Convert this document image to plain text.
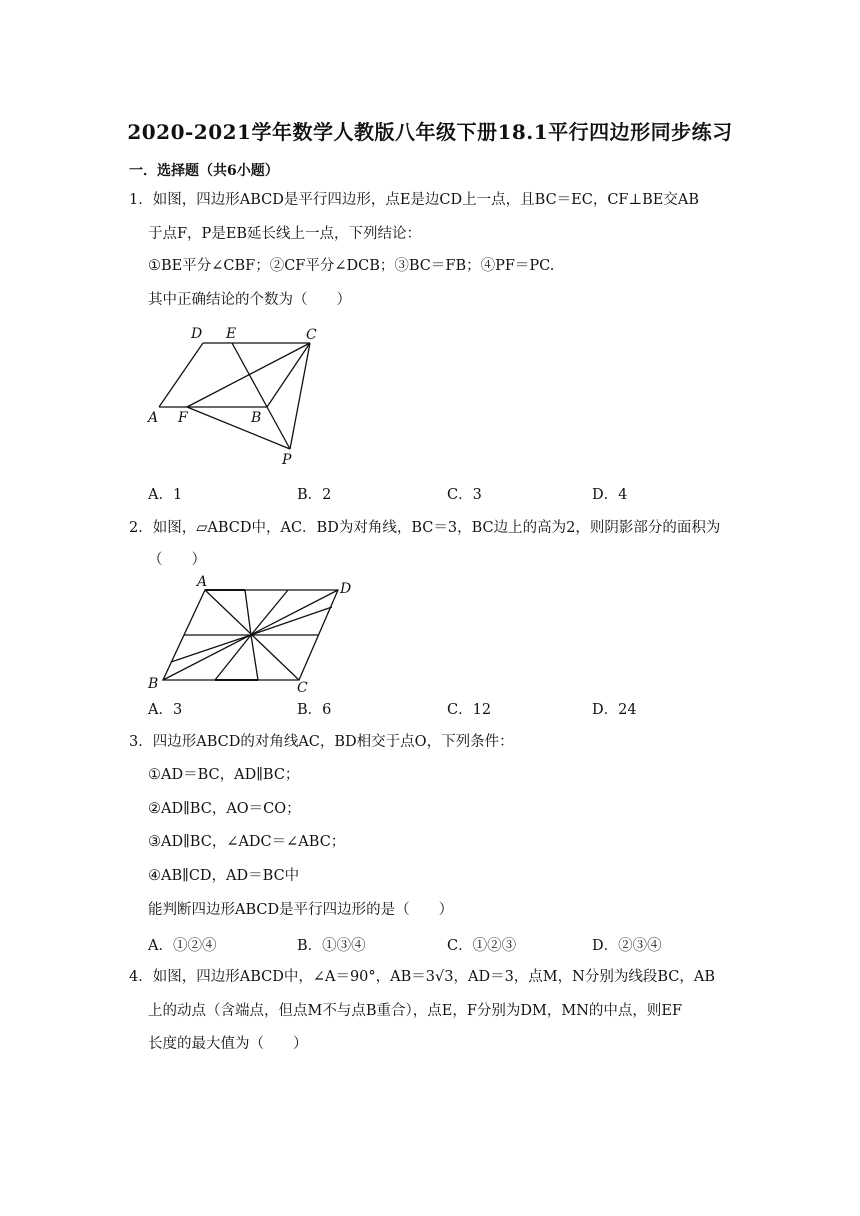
2020-2021学年数学人教版八年级下册18.1平行四边形同步练习
一．选择题（共6小题）
1．如图，四边形ABCD是平行四边形，点E是边CD上一点，且BC＝EC，CF⊥BE交AB
于点F，P是EB延长线上一点，下列结论：
①BE平分∠CBF；②CF平分∠DCB；③BC＝FB；④PF＝PC.
其中正确结论的个数为（　　）
D E	C
A F	B
P
A．1	B．2	C．3	D．4
2．如图，▱ABCD中，AC．BD为对角线，BC＝3，BC边上的高为2，则阴影部分的面积为
（　　）
A	D
B	C
A．3	B．6	C．12	D．24
3．四边形ABCD的对角线AC，BD相交于点O，下列条件：
①AD＝BC，AD∥BC；
②AD∥BC，AO＝CO；
③AD∥BC，∠ADC＝∠ABC；
④AB∥CD，AD＝BC中
能判断四边形ABCD是平行四边形的是（　　）
A．①②④	B．①③④	C．①②③	D．②③④
4．如图，四边形ABCD中，∠A＝90°，AB＝3√3，AD＝3，点M，N分别为线段BC，AB
上的动点（含端点，但点M不与点B重合），点E，F分别为DM，MN的中点，则EF
长度的最大值为（　　）
